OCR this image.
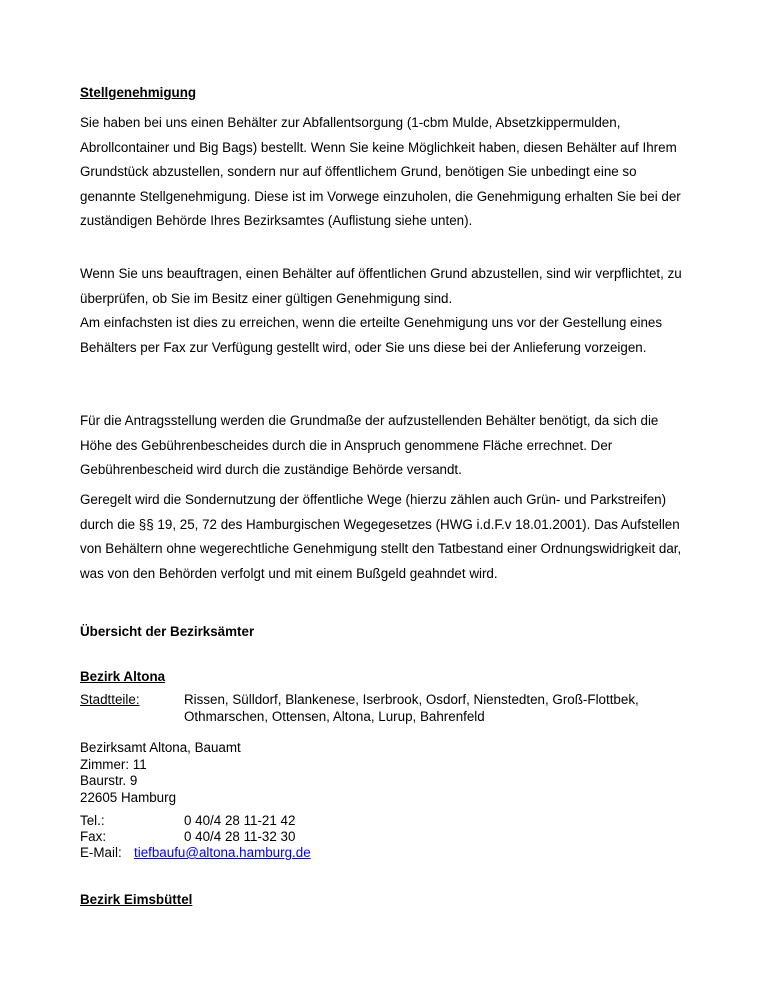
Stellgenehmigung

Sie haben bei uns einen Behälter zur Abfallentsorgung (1-cbm Mulde, Absetzkippermulden, Abrollcontainer und Big Bags) bestellt. Wenn Sie keine Möglichkeit haben, diesen Behälter auf Ihrem Grundstück abzustellen, sondern nur auf öffentlichem Grund, benötigen Sie unbedingt eine so genannte Stellgenehmigung. Diese ist im Vorwege einzuholen, die Genehmigung erhalten Sie bei der zuständigen Behörde Ihres Bezirksamtes (Auflistung siehe unten).

Wenn Sie uns beauftragen, einen Behälter auf öffentlichen Grund abzustellen, sind wir verpflichtet, zu überprüfen, ob Sie im Besitz einer gültigen Genehmigung sind.

Am einfachsten ist dies zu erreichen, wenn die erteilte Genehmigung uns vor der Gestellung eines Behälters per Fax zur Verfügung gestellt wird, oder Sie uns diese bei der Anlieferung vorzeigen.

Für die Antragsstellung werden die Grundmaße der aufzustellenden Behälter benötigt, da sich die Höhe des Gebührenbescheides durch die in Anspruch genommene Fläche errechnet. Der Gebührenbescheid wird durch die zuständige Behörde versandt.

Geregelt wird die Sondernutzung der öffentliche Wege (hierzu zählen auch Grün- und Parkstreifen) durch die §§ 19, 25, 72 des Hamburgischen Wegegesetzes (HWG i.d.F.v 18.01.2001). Das Aufstellen von Behältern ohne wegerechtliche Genehmigung stellt den Tatbestand einer Ordnungswidrigkeit dar, was von den Behörden verfolgt und mit einem Bußgeld geahndet wird.

Übersicht der Bezirksämter
Bezirk Altona
Stadtteile:	Rissen, Sülldorf, Blankenese, Iserbrook, Osdorf, Nienstedten, Groß-Flottbek, Othmarschen, Ottensen, Altona, Lurup, Bahrenfeld
Bezirksamt Altona, Bauamt
Zimmer: 11
Baurstr. 9
22605 Hamburg
Tel.:	0 40/4 28 11-21 42
Fax:	0 40/4 28 11-32 30
E-Mail: tiefbaufu@altona.hamburg.de
Bezirk Eimsbüttel
